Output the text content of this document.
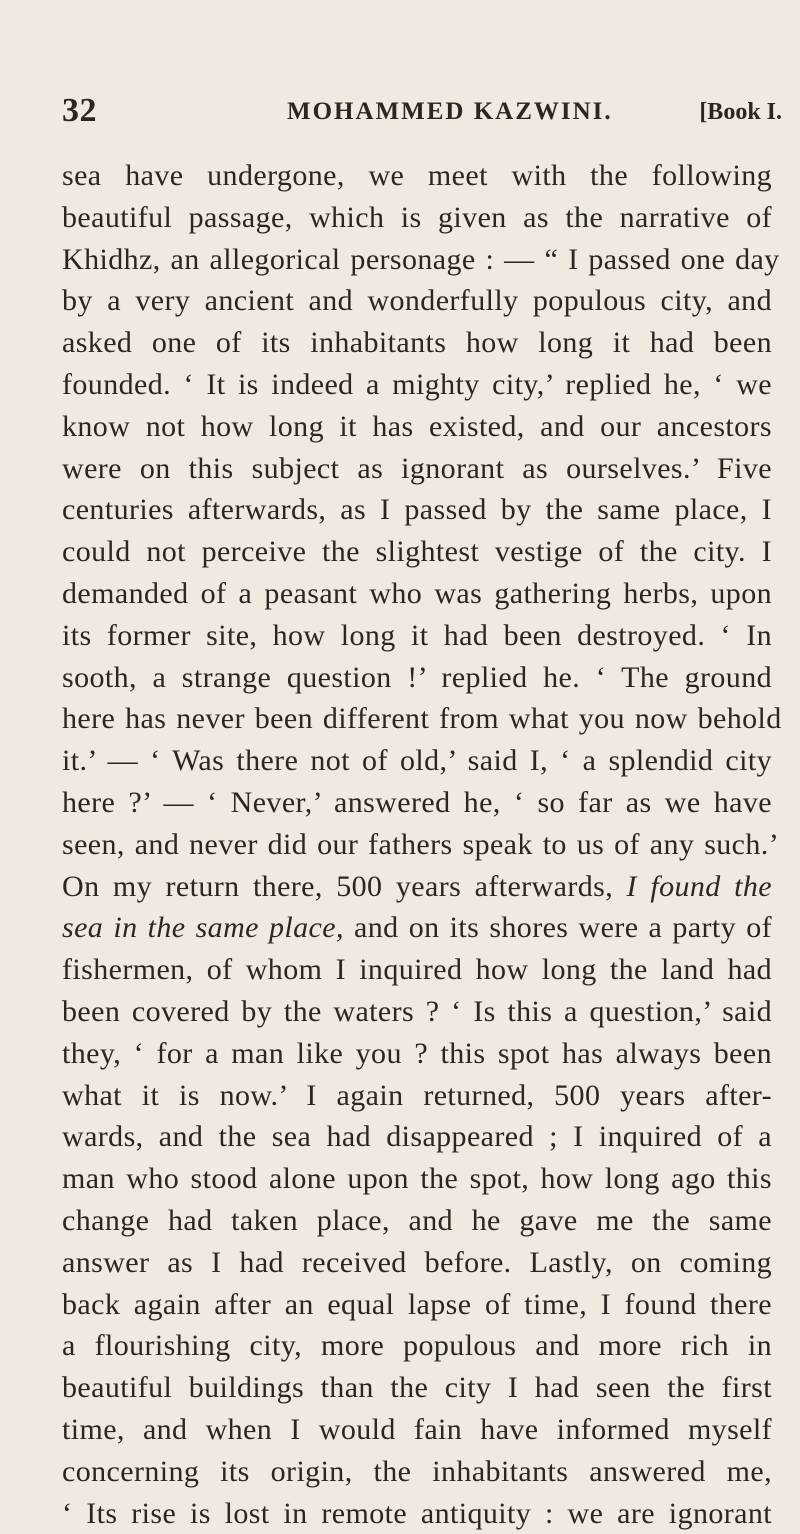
32	MOHAMMED KAZWINI.	[Book I.
sea have undergone, we meet with the following
beautiful passage, which is given as the narrative of
Khidhz, an allegorical personage : — “ I passed one day
by a very ancient and wonderfully populous city, and
asked one of its inhabitants how long it had been
founded. ‘ It is indeed a mighty city,’ replied he, ‘ we
know not how long it has existed, and our ancestors
were on this subject as ignorant as ourselves.’ Five
centuries afterwards, as I passed by the same place, I
could not perceive the slightest vestige of the city. I
demanded of a peasant who was gathering herbs, upon
its former site, how long it had been destroyed. ‘ In
sooth, a strange question !’ replied he. ‘ The ground
here has never been different from what you now behold
it.’ — ‘ Was there not of old,’ said I, ‘ a splendid city
here ?’ — ‘ Never,’ answered he, ‘ so far as we have
seen, and never did our fathers speak to us of any such.’
On my return there, 500 years afterwards, I found the
sea in the same place, and on its shores were a party of
fishermen, of whom I inquired how long the land had
been covered by the waters ? ‘ Is this a question,’ said
they, ‘ for a man like you ? this spot has always been
what it is now.’ I again returned, 500 years after-
wards, and the sea had disappeared ; I inquired of a
man who stood alone upon the spot, how long ago this
change had taken place, and he gave me the same
answer as I had received before. Lastly, on coming
back again after an equal lapse of time, I found there
a flourishing city, more populous and more rich in
beautiful buildings than the city I had seen the first
time, and when I would fain have informed myself
concerning its origin, the inhabitants answered me,
‘ Its rise is lost in remote antiquity : we are ignorant
